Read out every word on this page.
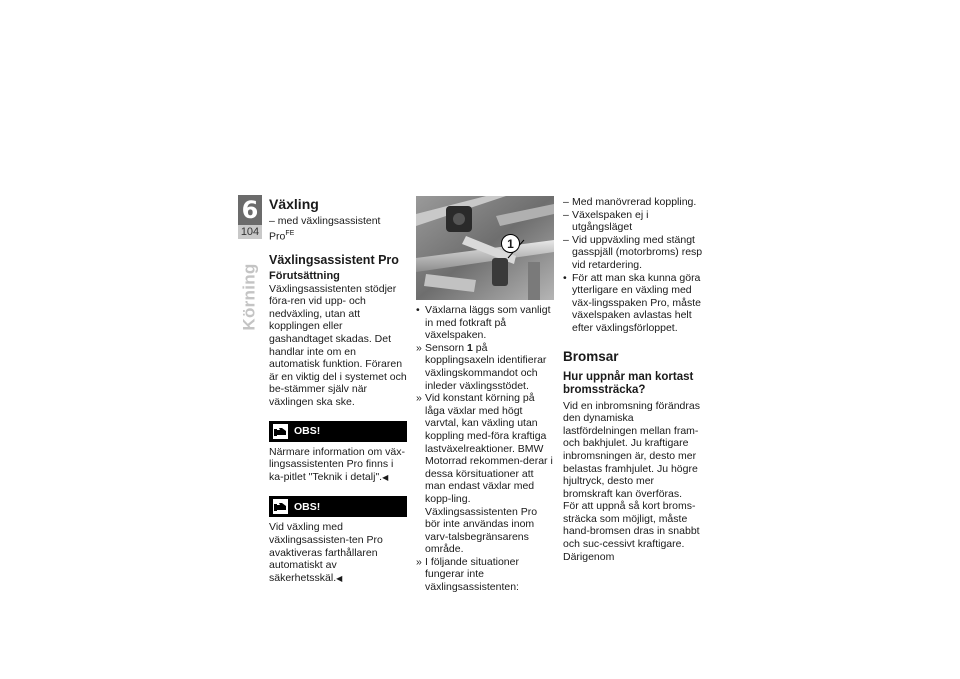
6
104
Körning
Växling

– med växlingsassistent Pro$^{FE}$

Växlingsassistent Pro
Förutsättning

Växlingsassistenten stödjer föra-ren vid upp- och nedväxling, utan att kopplingen eller gashandtaget skadas. Det handlar inte om en automatisk funktion. Föraren är en viktig del i systemet och be-stämmer själv när växlingen ska ske.

OBS!

Närmare information om väx-lingsassistenten Pro finns i ka-pitlet "Teknik i detalj".◀

OBS!

Vid växling med växlingsassisten-ten Pro avaktiveras farthållaren automatiskt av säkerhetsskäl.◀

• Växlarna läggs som vanligt in med fotkraft på växelspaken.
» Sensorn 1 på kopplingsaxeln identifierar växlingskommandot och inleder växlingsstödet.
» Vid konstant körning på låga växlar med högt varvtal, kan växling utan koppling med-föra kraftiga lastväxelreaktioner. BMW Motorrad rekommen-derar i dessa körsituationer att man endast växlar med kopp-ling. Växlingsassistenten Pro bör inte användas inom varv-talsbegränsarens område.
» I följande situationer fungerar inte växlingsassistenten:
1
– Med manövrerad koppling.
– Växelspaken ej i utgångsläget
– Vid uppväxling med stängt gasspjäll (motorbroms) resp vid retardering.
• För att man ska kunna göra ytterligare en växling med väx-lingsspaken Pro, måste växelspaken avlastas helt efter växlingsförloppet.
Bromsar
Hur uppnår man kortast bromssträcka?

Vid en inbromsning förändras den dynamiska lastfördelningen mellan fram- och bakhjulet. Ju kraftigare inbromsningen är, desto mer belastas framhjulet. Ju högre hjultryck, desto mer bromskraft kan överföras.

För att uppnå så kort broms-sträcka som möjligt, måste hand-bromsen dras in snabbt och suc-cessivt kraftigare. Därigenom
